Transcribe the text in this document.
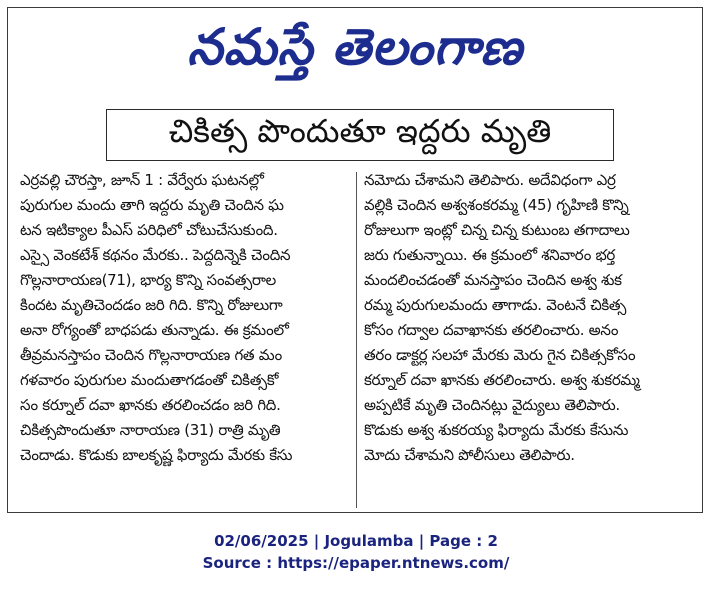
నమస్తే తెలంగాణ
చికిత్స పొందుతూ ఇద్దరు మృతి
ఎర్రవల్లి చౌరస్తా, జూన్ 1 : వేర్వేరు ఘటనల్లో
పురుగుల మందు తాగి ఇద్దరు మృతి చెందిన ఘ
టన ఇటిక్యాల పీఎస్ పరిధిలో చోటుచేసుకుంది.
ఎస్సై వెంకటేశ్ కథనం మేరకు.. పెద్దదిన్నెకి చెందిన
గొల్లనారాయణ(71), భార్య కొన్ని సంవత్సరాల
కిందట మృతిచెందడం జరి గిది. కొన్ని రోజులుగా
అనా రోగ్యంతో బాధపడు తున్నాడు. ఈ క్రమంలో
తీవ్రమనస్తాపం చెందిన గొల్లనారాయణ గత మం
గళవారం పురుగుల మందుతాగడంతో చికిత్సకో
సం కర్నూల్ దవా ఖానకు తరలించడం జరి గిది.
చికిత్సపొందుతూ నారాయణ (31) రాత్రి మృతి
చెందాడు. కొడుకు బాలకృష్ణ ఫిర్యాదు మేరకు కేసు
నమోదు చేశామని తెలిపారు. అదేవిధంగా ఎర్ర
వల్లికి చెందిన అశ్వశంకరమ్మ (45) గృహిణి కొన్ని
రోజులుగా ఇంట్లో చిన్న చిన్న కుటుంబ తగాదాలు
జరు గుతున్నాయి. ఈ క్రమంలో శనివారం భర్త
మందలించడంతో మనస్తాపం చెందిన అశ్వ శుక
రమ్మ పురుగులమందు తాగాడు. వెంటనే చికిత్స
కోసం గద్వాల దవాఖానకు తరలించారు. అనం
తరం డాక్టర్ల సలహా మేరకు మెరు గైన చికిత్సకోసం
కర్నూల్ దవా ఖానకు తరలించారు. అశ్వ శుకరమ్మ
అప్పటికే మృతి చెందినట్లు వైద్యులు తెలిపారు.
కొడుకు అశ్వ శుకరయ్య ఫిర్యాదు మేరకు కేసును
మోదు చేశామని పోలీసులు తెలిపారు.
02/06/2025 | Jogulamba | Page : 2
Source : https://epaper.ntnews.com/
